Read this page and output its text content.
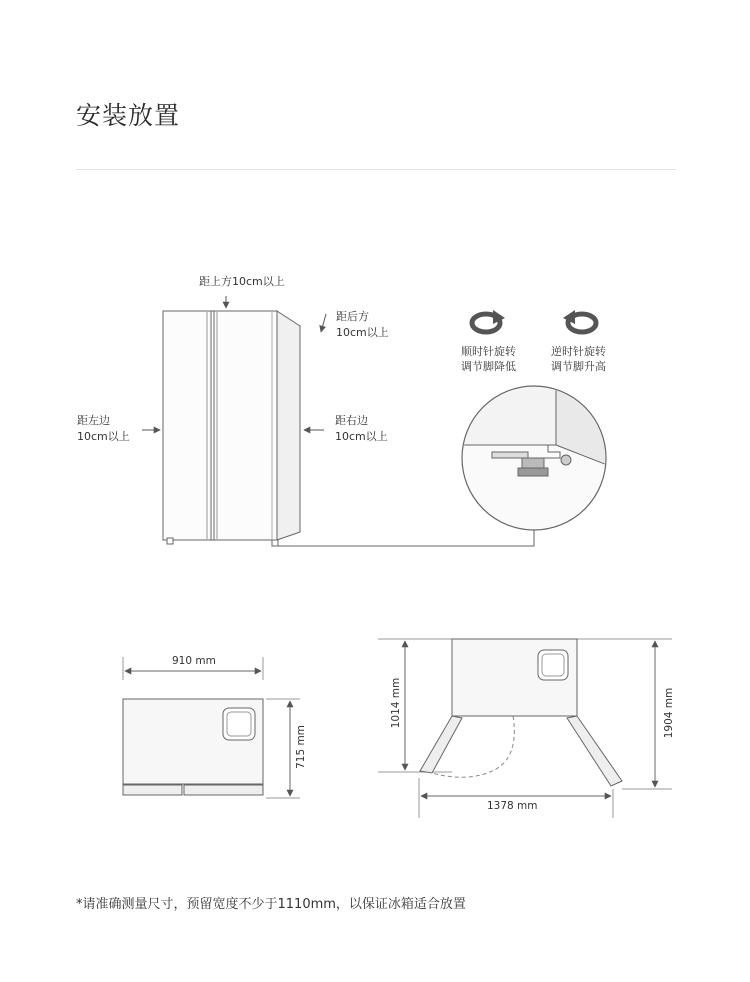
安装放置
距上方10cm以上
距后方
10cm以上
距左边
10cm以上
距右边
10cm以上
顺时针旋转
调节脚降低
逆时针旋转
调节脚升高
910 mm
715 mm
1014 mm	1904 mm
1378 mm
*请准确测量尺寸，预留宽度不少于1110mm，以保证冰箱适合放置
